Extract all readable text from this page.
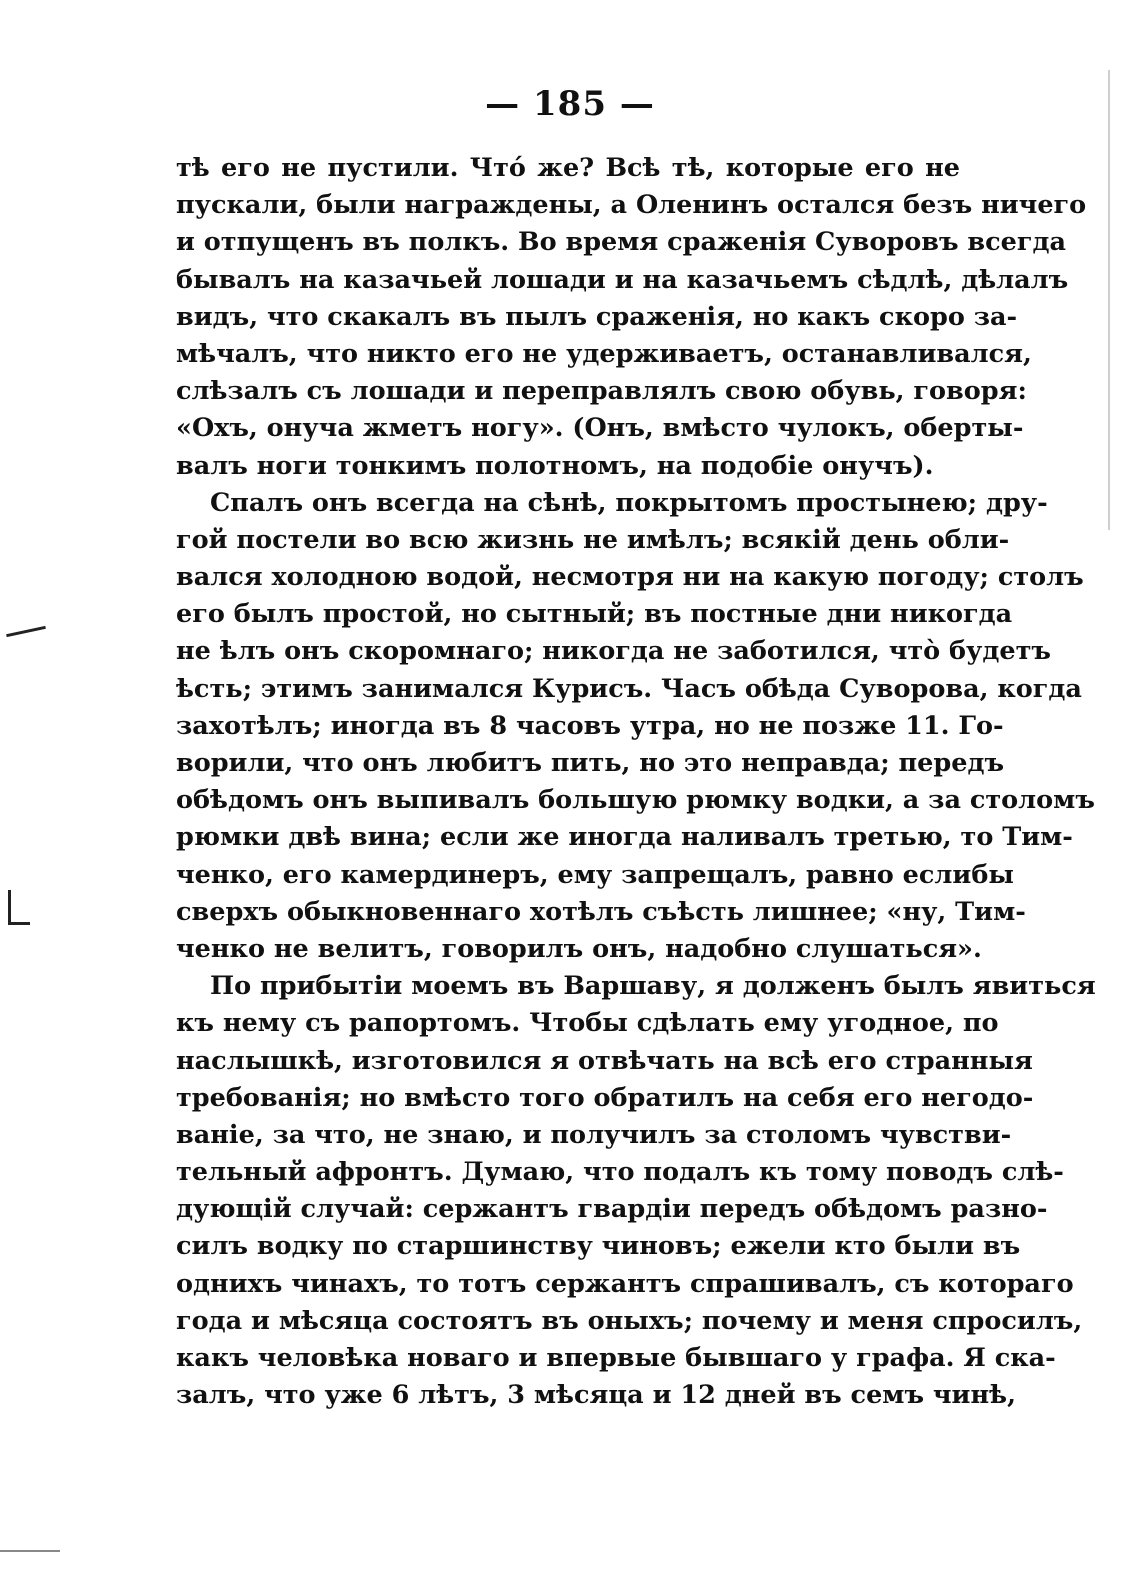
— 185 —
тѣ его не пустили. Чтó же? Всѣ тѣ, которые его не
пускали, были награждены, а Оленинъ остался безъ ничего
и отпущенъ въ полкъ. Во время сраженія Суворовъ всегда
бывалъ на казачьей лошади и на казачьемъ сѣдлѣ, дѣлалъ
видъ, что скакалъ въ пылъ сраженія, но какъ скоро за-
мѣчалъ, что никто его не удерживаетъ, останавливался,
слѣзалъ съ лошади и переправлялъ свою обувь, говоря:
«Охъ, онуча жметъ ногу». (Онъ, вмѣсто чулокъ, оберты-
валъ ноги тонкимъ полотномъ, на подобіе онучъ).
Спалъ онъ всегда на сѣнѣ, покрытомъ простынею; дру-
гой постели во всю жизнь не имѣлъ; всякій день обли-
вался холодною водой, несмотря ни на какую погоду; столъ
его былъ простой, но сытный; въ постные дни никогда
не ѣлъ онъ скоромнаго; никогда не заботился, чтò будетъ
ѣсть; этимъ занимался Курисъ. Часъ обѣда Суворова, когда
захотѣлъ; иногда въ 8 часовъ утра, но не позже 11. Го-
ворили, что онъ любитъ пить, но это неправда; передъ
обѣдомъ онъ выпивалъ большую рюмку водки, а за столомъ
рюмки двѣ вина; если же иногда наливалъ третью, то Тим-
ченко, его камердинеръ, ему запрещалъ, равно еслибы
сверхъ обыкновеннаго хотѣлъ съѣсть лишнее; «ну, Тим-
ченко не велитъ, говорилъ онъ, надобно слушаться».
По прибытіи моемъ въ Варшаву, я долженъ былъ явиться
къ нему съ рапортомъ. Чтобы сдѣлать ему угодное, по
наслышкѣ, изготовился я отвѣчать на всѣ его странныя
требованія; но вмѣсто того обратилъ на себя его негодо-
ваніе, за что, не знаю, и получилъ за столомъ чувстви-
тельный афронтъ. Думаю, что подалъ къ тому поводъ слѣ-
дующій случай: сержантъ гвардіи передъ обѣдомъ разно-
силъ водку по старшинству чиновъ; ежели кто были въ
однихъ чинахъ, то тотъ сержантъ спрашивалъ, съ котораго
года и мѣсяца состоятъ въ оныхъ; почему и меня спросилъ,
какъ человѣка новаго и впервые бывшаго у графа. Я ска-
залъ, что уже 6 лѣтъ, 3 мѣсяца и 12 дней въ семъ чинѣ,
